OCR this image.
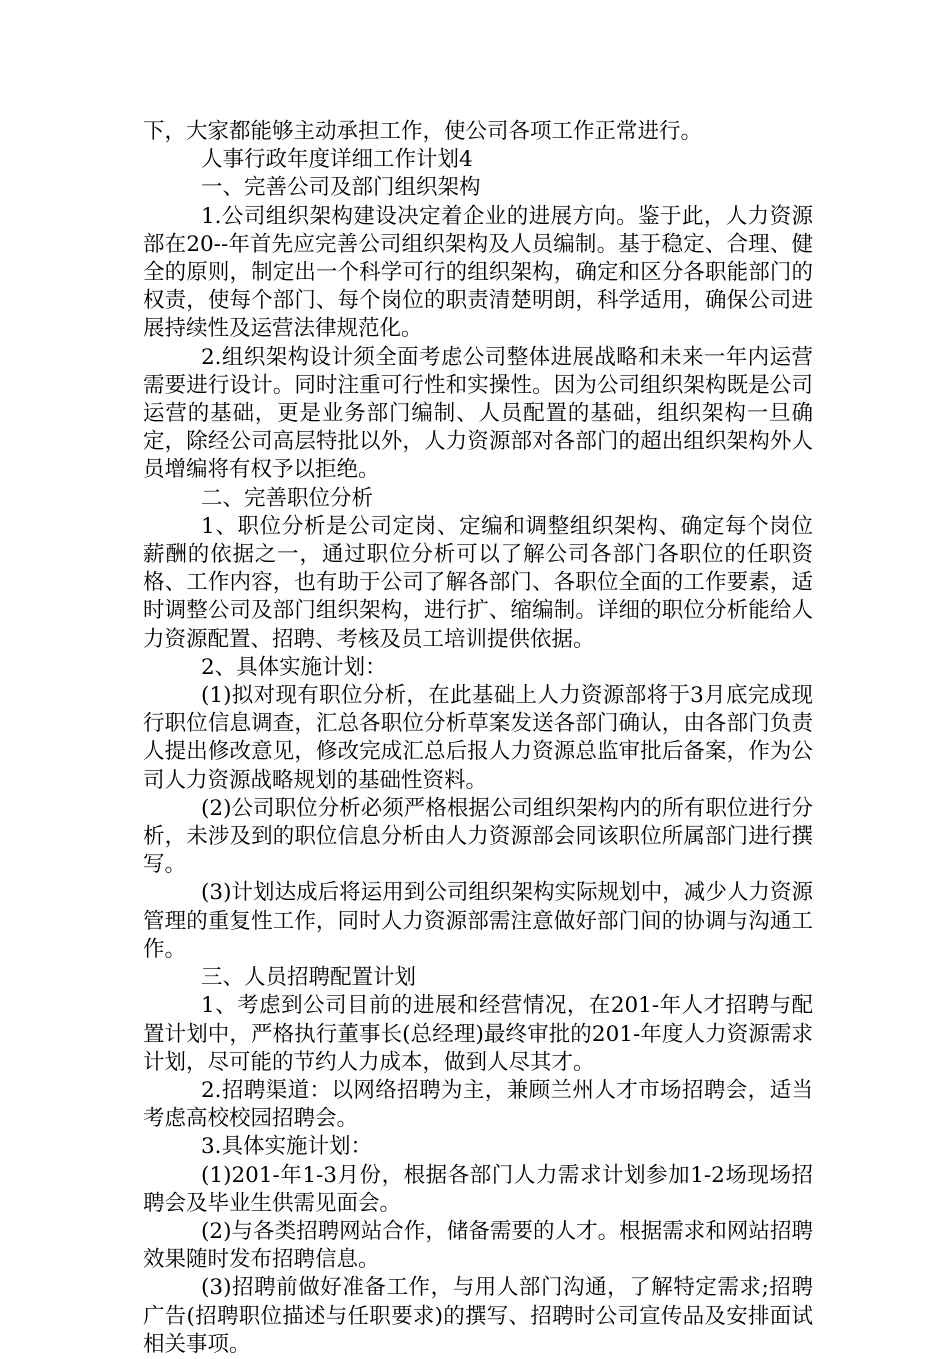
下，大家都能够主动承担工作，使公司各项工作正常进行。

人事行政年度详细工作计划4

一、完善公司及部门组织架构

1.公司组织架构建设决定着企业的进展方向。鉴于此，人力资源部在20--年首先应完善公司组织架构及人员编制。基于稳定、合理、健全的原则，制定出一个科学可行的组织架构，确定和区分各职能部门的权责，使每个部门、每个岗位的职责清楚明朗，科学适用，确保公司进展持续性及运营法律规范化。

2.组织架构设计须全面考虑公司整体进展战略和未来一年内运营需要进行设计。同时注重可行性和实操性。因为公司组织架构既是公司运营的基础，更是业务部门编制、人员配置的基础，组织架构一旦确定，除经公司高层特批以外，人力资源部对各部门的超出组织架构外人员增编将有权予以拒绝。

二、完善职位分析

1、职位分析是公司定岗、定编和调整组织架构、确定每个岗位薪酬的依据之一，通过职位分析可以了解公司各部门各职位的任职资格、工作内容，也有助于公司了解各部门、各职位全面的工作要素，适时调整公司及部门组织架构，进行扩、缩编制。详细的职位分析能给人力资源配置、招聘、考核及员工培训提供依据。

2、具体实施计划：

(1)拟对现有职位分析，在此基础上人力资源部将于3月底完成现行职位信息调查，汇总各职位分析草案发送各部门确认，由各部门负责人提出修改意见，修改完成汇总后报人力资源总监审批后备案，作为公司人力资源战略规划的基础性资料。

(2)公司职位分析必须严格根据公司组织架构内的所有职位进行分析，未涉及到的职位信息分析由人力资源部会同该职位所属部门进行撰写。

(3)计划达成后将运用到公司组织架构实际规划中，减少人力资源管理的重复性工作，同时人力资源部需注意做好部门间的协调与沟通工作。

三、人员招聘配置计划

1、考虑到公司目前的进展和经营情况，在201-年人才招聘与配置计划中，严格执行董事长(总经理)最终审批的201-年度人力资源需求计划，尽可能的节约人力成本，做到人尽其才。

2.招聘渠道：以网络招聘为主，兼顾兰州人才市场招聘会，适当考虑高校校园招聘会。

3.具体实施计划：

(1)201-年1-3月份，根据各部门人力需求计划参加1-2场现场招聘会及毕业生供需见面会。

(2)与各类招聘网站合作，储备需要的人才。根据需求和网站招聘效果随时发布招聘信息。

(3)招聘前做好准备工作，与用人部门沟通，了解特定需求;招聘广告(招聘职位描述与任职要求)的撰写、招聘时公司宣传品及安排面试相关事项。
